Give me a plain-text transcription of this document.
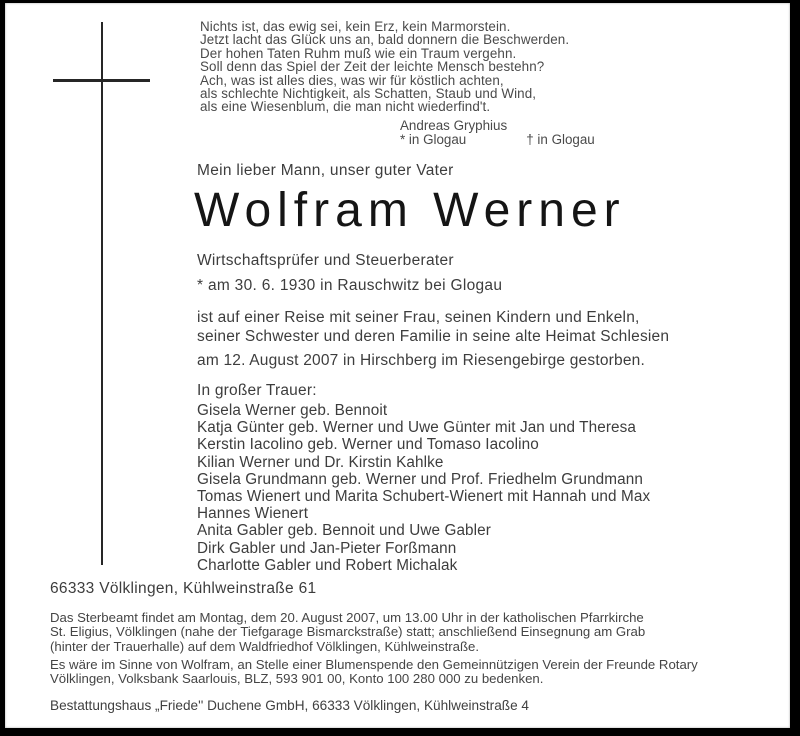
Nichts ist, das ewig sei, kein Erz, kein Marmorstein.
Jetzt lacht das Glück uns an, bald donnern die Beschwerden.
Der hohen Taten Ruhm muß wie ein Traum vergehn.
Soll denn das Spiel der Zeit der leichte Mensch bestehn?
Ach, was ist alles dies, was wir für köstlich achten,
als schlechte Nichtigkeit, als Schatten, Staub und Wind,
als eine Wiesenblum, die man nicht wiederfind't.
Andreas Gryphius
* in Glogau	† in Glogau
Mein lieber Mann, unser guter Vater
Wolfram Werner
Wirtschaftsprüfer und Steuerberater
* am 30. 6. 1930 in Rauschwitz bei Glogau
ist auf einer Reise mit seiner Frau, seinen Kindern und Enkeln,
seiner Schwester und deren Familie in seine alte Heimat Schlesien
am 12. August 2007 in Hirschberg im Riesengebirge gestorben.
In großer Trauer:
Gisela Werner geb. Bennoit
Katja Günter geb. Werner und Uwe Günter mit Jan und Theresa
Kerstin Iacolino geb. Werner und Tomaso Iacolino
Kilian Werner und Dr. Kirstin Kahlke
Gisela Grundmann geb. Werner und Prof. Friedhelm Grundmann
Tomas Wienert und Marita Schubert-Wienert mit Hannah und Max
Hannes Wienert
Anita Gabler geb. Bennoit und Uwe Gabler
Dirk Gabler und Jan-Pieter Forßmann
Charlotte Gabler und Robert Michalak
66333 Völklingen, Kühlweinstraße 61
Das Sterbeamt findet am Montag, dem 20. August 2007, um 13.00 Uhr in der katholischen Pfarrkirche
St. Eligius, Völklingen (nahe der Tiefgarage Bismarckstraße) statt; anschließend Einsegnung am Grab
(hinter der Trauerhalle) auf dem Waldfriedhof Völklingen, Kühlweinstraße.
Es wäre im Sinne von Wolfram, an Stelle einer Blumenspende den Gemeinnützigen Verein der Freunde Rotary
Völklingen, Volksbank Saarlouis, BLZ, 593 901 00, Konto 100 280 000 zu bedenken.
Bestattungshaus „Friede'' Duchene GmbH, 66333 Völklingen, Kühlweinstraße 4
